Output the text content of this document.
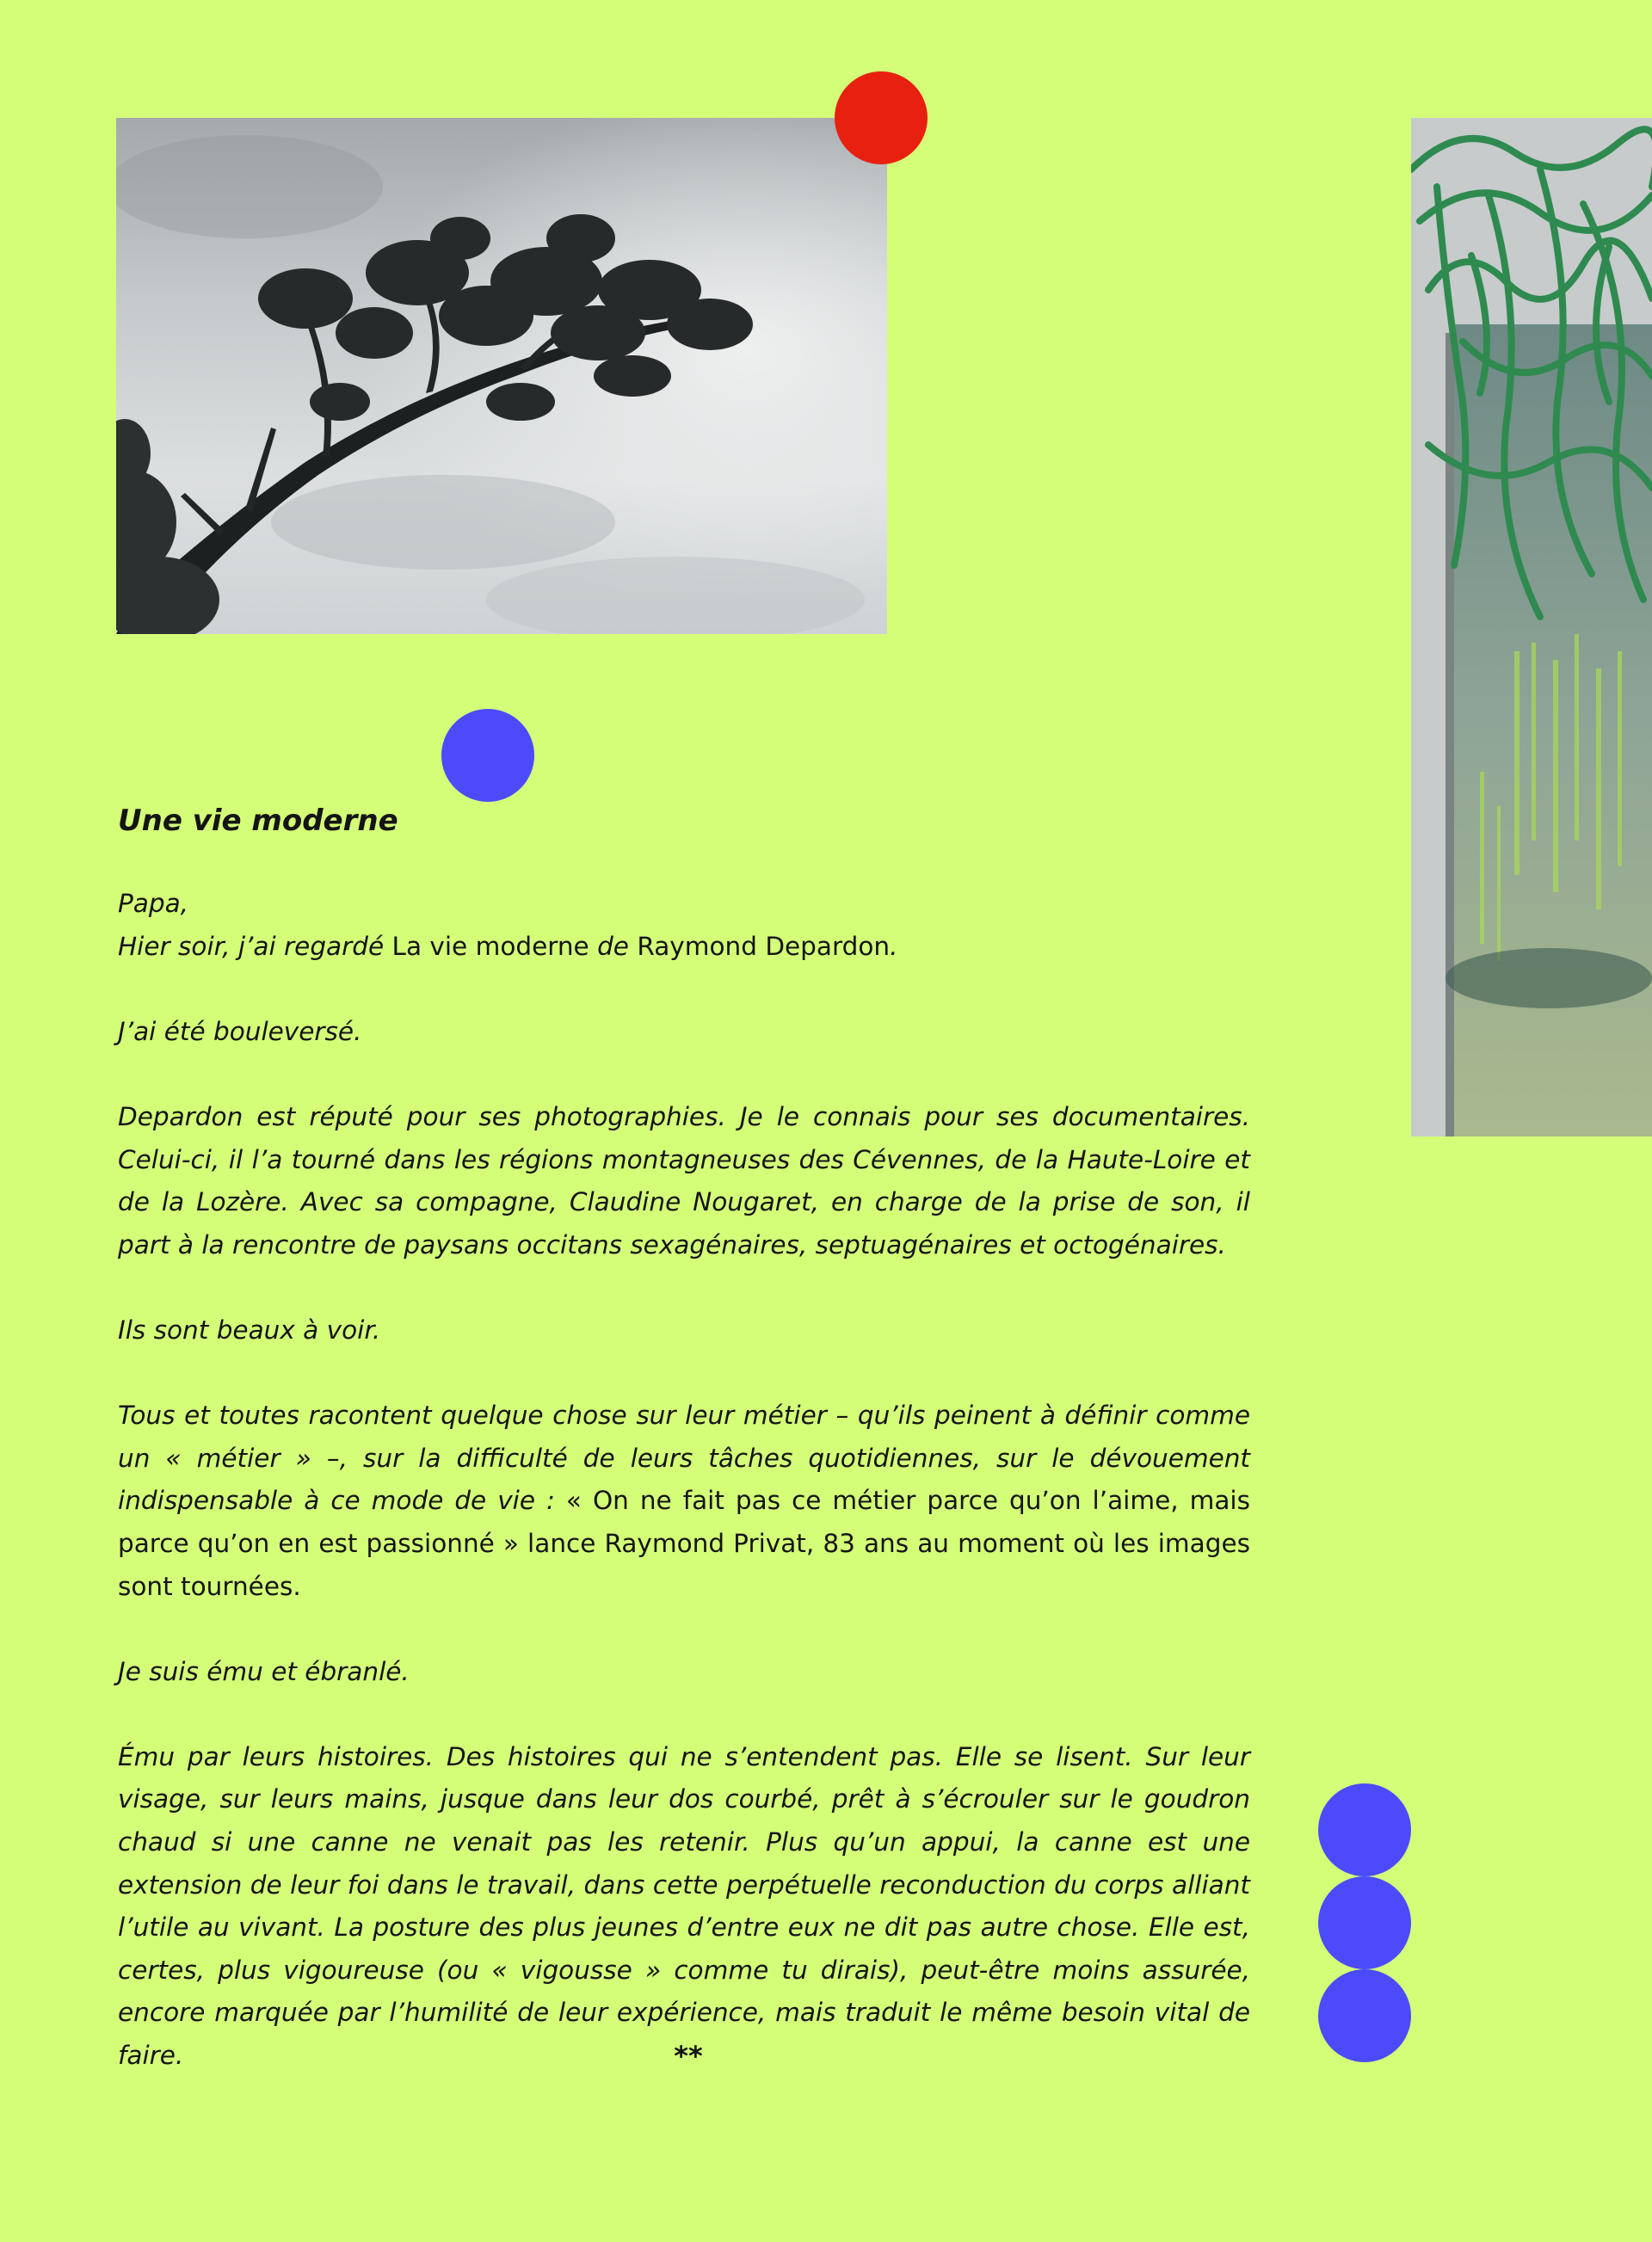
Une vie moderne

Papa,
Hier soir, j’ai regardé La vie moderne de Raymond Depardon.

J’ai été bouleversé.

Depardon est réputé pour ses photographies. Je le connais pour ses documentaires. Celui-ci, il l’a tourné dans les régions montagneuses des Cévennes, de la Haute-Loire et de la Lozère. Avec sa compagne, Claudine Nougaret, en charge de la prise de son, il part à la rencontre de paysans occitans sexagénaires, septuagénaires et octogénaires.

Ils sont beaux à voir.

Tous et toutes racontent quelque chose sur leur métier – qu’ils peinent à définir comme un « métier » –, sur la difficulté de leurs tâches quotidiennes, sur le dévouement indispensable à ce mode de vie : « On ne fait pas ce métier parce qu’on l’aime, mais parce qu’on en est passionné » lance Raymond Privat, 83 ans au moment où les images sont tournées.

Je suis ému et ébranlé.

Ému par leurs histoires. Des histoires qui ne s’entendent pas. Elle se lisent. Sur leur visage, sur leurs mains, jusque dans leur dos courbé, prêt à s’écrouler sur le goudron chaud si une canne ne venait pas les retenir. Plus qu’un appui, la canne est une extension de leur foi dans le travail, dans cette perpétuelle reconduction du corps alliant l’utile au vivant. La posture des plus jeunes d’entre eux ne dit pas autre chose. Elle est, certes, plus vigoureuse (ou « vigousse » comme tu dirais), peut-être moins assurée, encore marquée par l’humilité de leur expérience, mais traduit le même besoin vital de faire.	**
